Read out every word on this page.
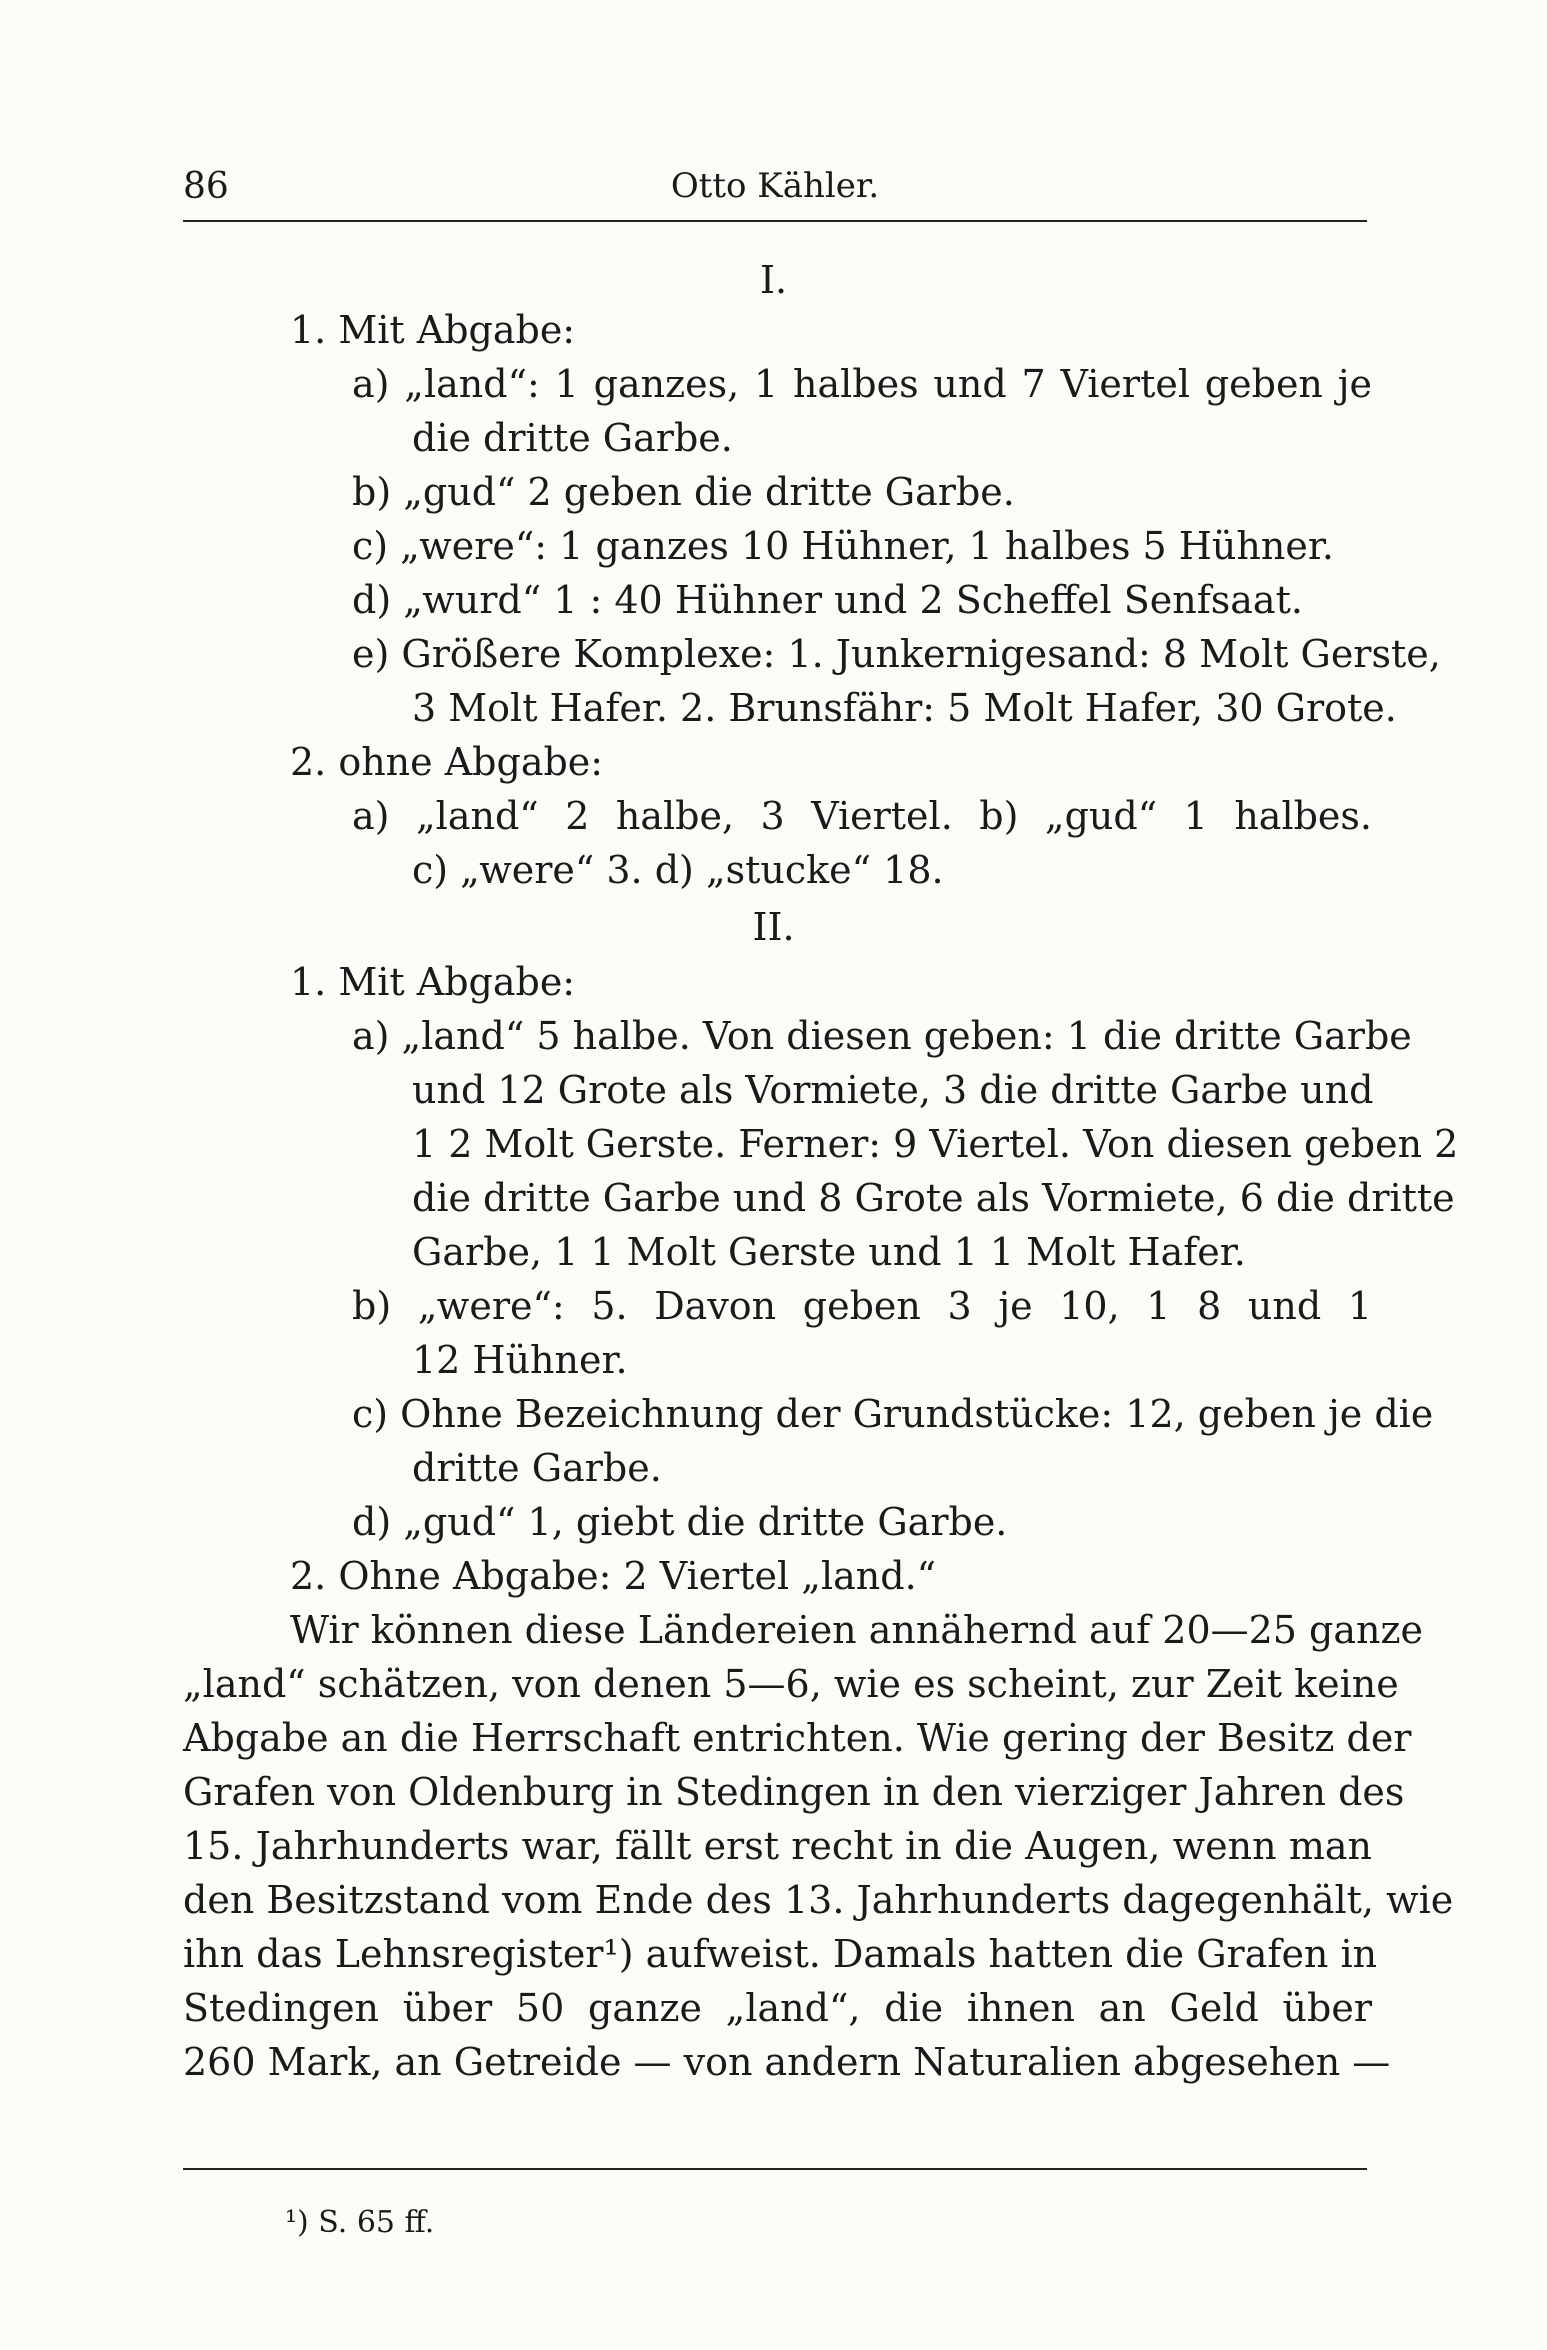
86	Otto Kähler.
I.
1. Mit Abgabe:
a) „land“: 1 ganzes, 1 halbes und 7 Viertel geben je
die dritte Garbe.
b) „gud“ 2 geben die dritte Garbe.
c) „were“: 1 ganzes 10 Hühner, 1 halbes 5 Hühner.
d) „wurd“ 1 : 40 Hühner und 2 Scheffel Senfsaat.
e) Größere Komplexe: 1. Junkernigesand: 8 Molt Gerste,
3 Molt Hafer. 2. Brunsfähr: 5 Molt Hafer, 30 Grote.
2. ohne Abgabe:
a) „land“ 2 halbe, 3 Viertel. b) „gud“ 1 halbes.
c) „were“ 3. d) „stucke“ 18.
II.
1. Mit Abgabe:
a) „land“ 5 halbe. Von diesen geben: 1 die dritte Garbe
und 12 Grote als Vormiete, 3 die dritte Garbe und
1 2 Molt Gerste. Ferner: 9 Viertel. Von diesen geben 2
die dritte Garbe und 8 Grote als Vormiete, 6 die dritte
Garbe, 1 1 Molt Gerste und 1 1 Molt Hafer.
b) „were“: 5. Davon geben 3 je 10, 1 8 und 1
12 Hühner.
c) Ohne Bezeichnung der Grundstücke: 12, geben je die
dritte Garbe.
d) „gud“ 1, giebt die dritte Garbe.
2. Ohne Abgabe: 2 Viertel „land.“
Wir können diese Ländereien annähernd auf 20—25 ganze
„land“ schätzen, von denen 5—6, wie es scheint, zur Zeit keine
Abgabe an die Herrschaft entrichten. Wie gering der Besitz der
Grafen von Oldenburg in Stedingen in den vierziger Jahren des
15. Jahrhunderts war, fällt erst recht in die Augen, wenn man
den Besitzstand vom Ende des 13. Jahrhunderts dagegenhält, wie
ihn das Lehnsregister¹) aufweist. Damals hatten die Grafen in
Stedingen über 50 ganze „land“, die ihnen an Geld über
260 Mark, an Getreide — von andern Naturalien abgesehen —
¹) S. 65 ff.
